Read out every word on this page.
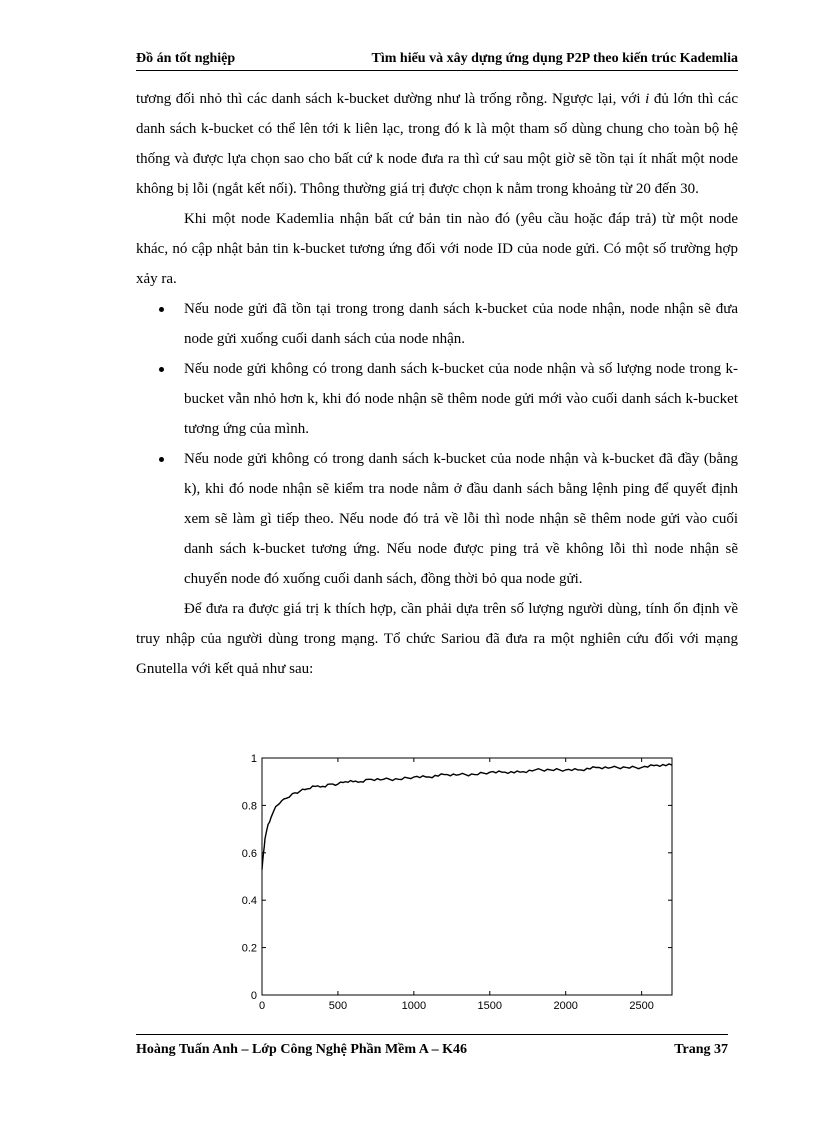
Đồ án tốt nghiệp	Tìm hiểu và xây dựng ứng dụng P2P theo kiến trúc Kademlia

tương đối nhỏ thì các danh sách k-bucket dường như là trống rỗng. Ngược lại, với i đủ lớn thì các danh sách k-bucket có thể lên tới k liên lạc, trong đó k là một tham số dùng chung cho toàn bộ hệ thống và được lựa chọn sao cho bất cứ k node đưa ra thì cứ sau một giờ sẽ tồn tại ít nhất một node không bị lỗi (ngắt kết nối). Thông thường giá trị được chọn k nằm trong khoảng từ 20 đến 30.

Khi một node Kademlia nhận bất cứ bản tin nào đó (yêu cầu hoặc đáp trả) từ một node khác, nó cập nhật bản tin k-bucket tương ứng đối với node ID của node gửi. Có một số trường hợp xảy ra.

Nếu node gửi đã tồn tại trong trong danh sách k-bucket của node nhận, node nhận sẽ đưa node gửi xuống cuối danh sách của node nhận.
Nếu node gửi không có trong danh sách k-bucket của node nhận và số lượng node trong k-bucket vẫn nhỏ hơn k, khi đó node nhận sẽ thêm node gửi mới vào cuối danh sách k-bucket tương ứng của mình.
Nếu node gửi không có trong danh sách k-bucket của node nhận và k-bucket đã đầy (bằng k), khi đó node nhận sẽ kiểm tra node nằm ở đầu danh sách bằng lệnh ping để quyết định xem sẽ làm gì tiếp theo. Nếu node đó trả về lỗi thì node nhận sẽ thêm node gửi vào cuối danh sách k-bucket tương ứng. Nếu node được ping trả về không lỗi thì node nhận sẽ chuyển node đó xuống cuối danh sách, đồng thời bỏ qua node gửi.

Để đưa ra được giá trị k thích hợp, cần phải dựa trên số lượng người dùng, tính ổn định về truy nhập của người dùng trong mạng. Tổ chức Sariou đã đưa ra một nghiên cứu đối với mạng Gnutella với kết quả như sau:

0	500	1000	1500	2000	2500
0
0.2
0.4
0.6
0.8
1
Hoàng Tuấn Anh – Lớp Công Nghệ Phần Mềm A – K46	Trang 37
